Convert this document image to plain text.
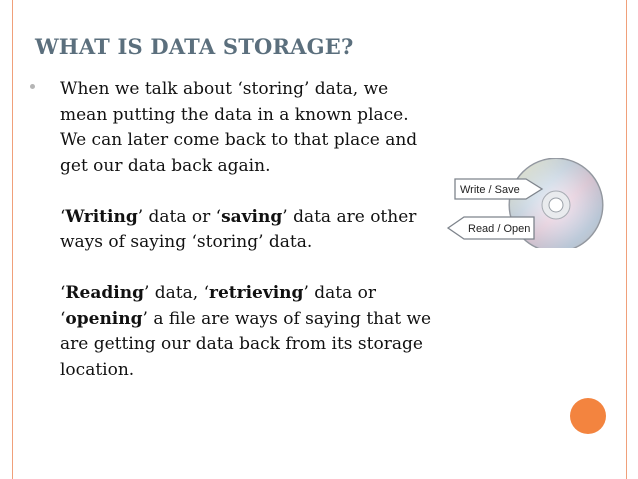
WHAT IS DATA STORAGE?

When we talk about ‘storing’ data, we mean putting the data in a known place. We can later come back to that place and get our data back again.

‘Writing’ data or ‘saving’ data are other ways of saying ‘storing’ data.

‘Reading’ data, ‘retrieving’ data or ‘opening’ a file are ways of saying that we are getting our data back from its storage location.

Write / Save
Read / Open
